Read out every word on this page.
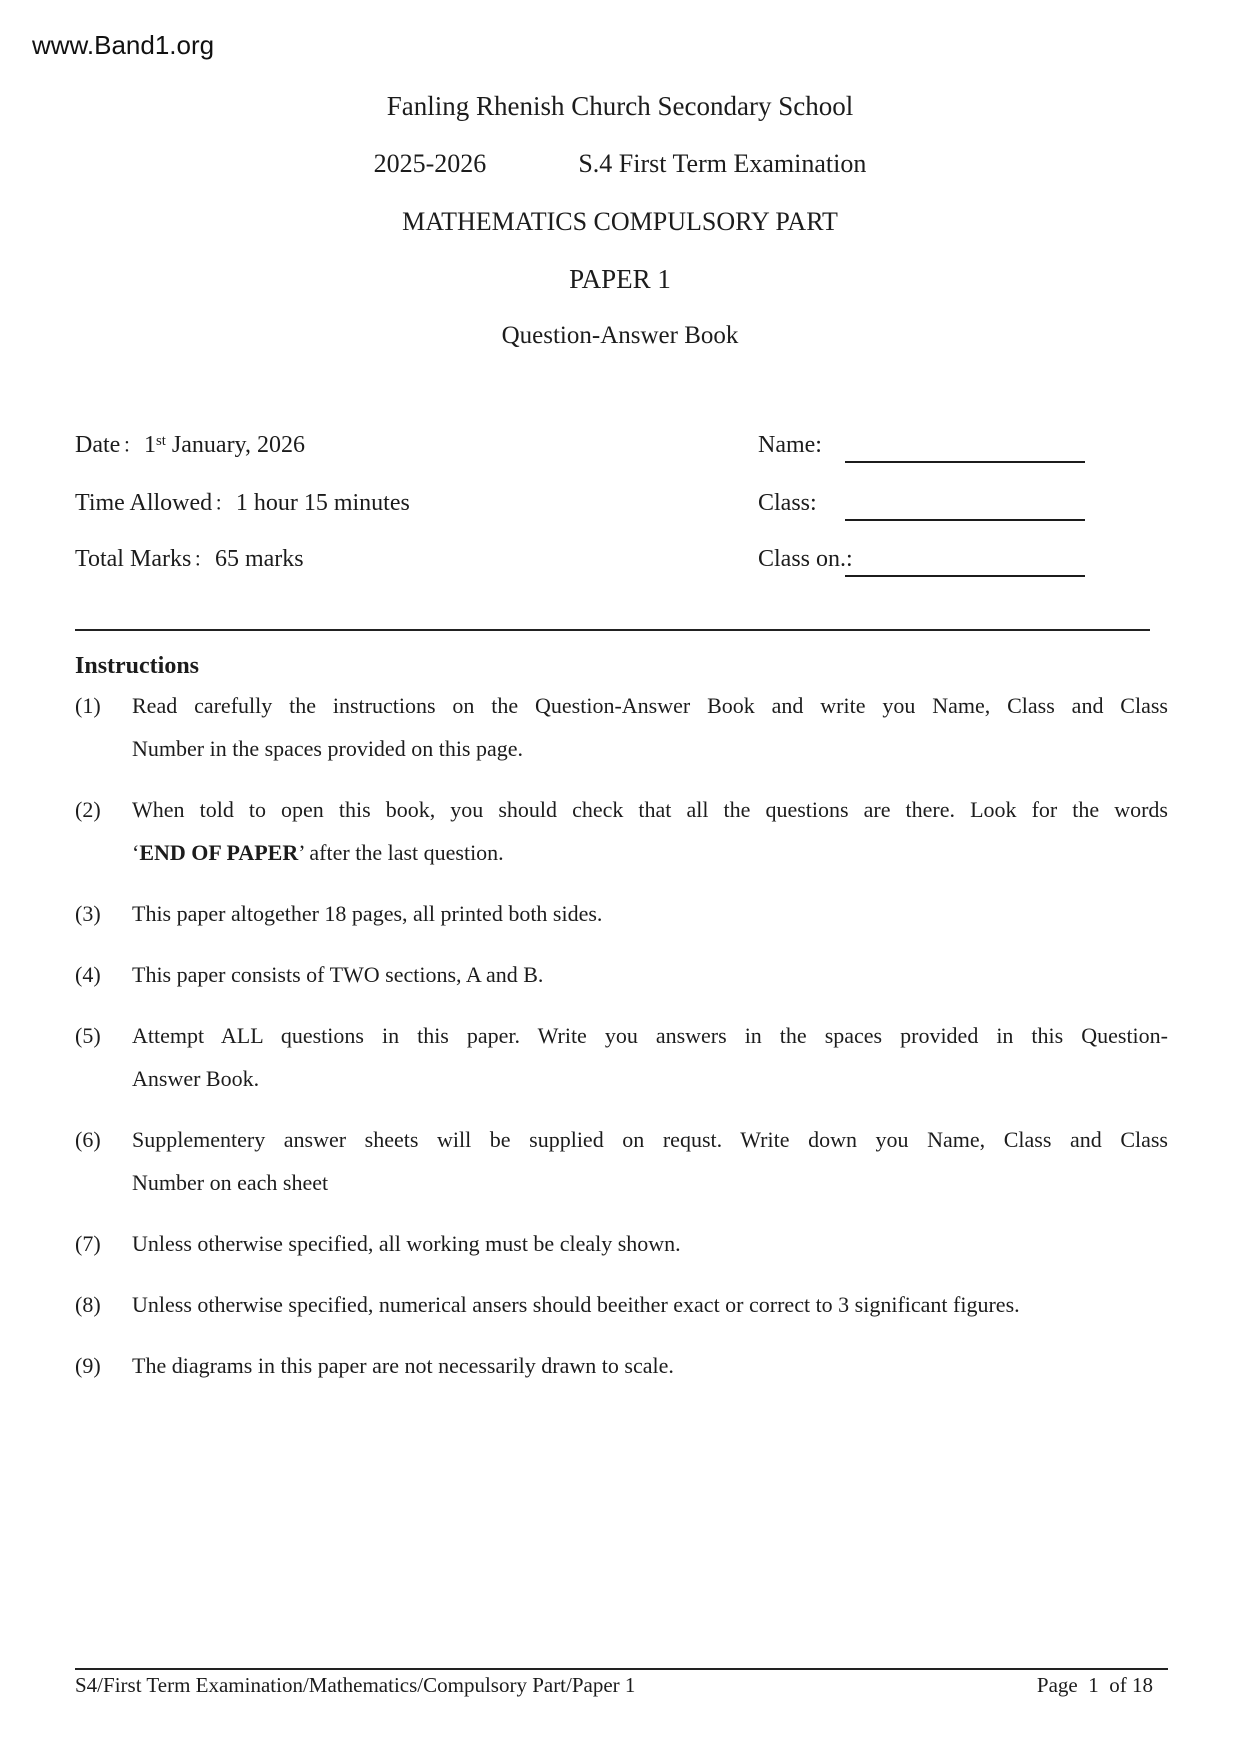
www.Band1.org
Fanling Rhenish Church Secondary School
2025-2026	S.4 First Term Examination
MATHEMATICS COMPULSORY PART
PAPER 1
Question-Answer Book
Date ：1st January, 2026
Time Allowed ：1 hour 15 minutes
Total Marks ：65 marks
Name:
Class:
Class on.:
Instructions
(1)	Read carefully the instructions on the Question-Answer Book and write you Name, Class and Class
Number in the spaces provided on this page.
(2)	When told to open this book, you should check that all the questions are there. Look for the words
‘END OF PAPER’ after the last question.
(3)	This paper altogether 18 pages, all printed both sides.
(4)	This paper consists of TWO sections, A and B.
(5)	Attempt ALL questions in this paper. Write you answers in the spaces provided in this Question-
Answer Book.
(6)	Supplementery answer sheets will be supplied on requst. Write down you Name, Class and Class
Number on each sheet
(7)	Unless otherwise specified, all working must be clealy shown.
(8)	Unless otherwise specified, numerical ansers should beeither exact or correct to 3 significant figures.
(9)	The diagrams in this paper are not necessarily drawn to scale.
S4/First Term Examination/Mathematics/Compulsory Part/Paper 1	Page  1  of 18
